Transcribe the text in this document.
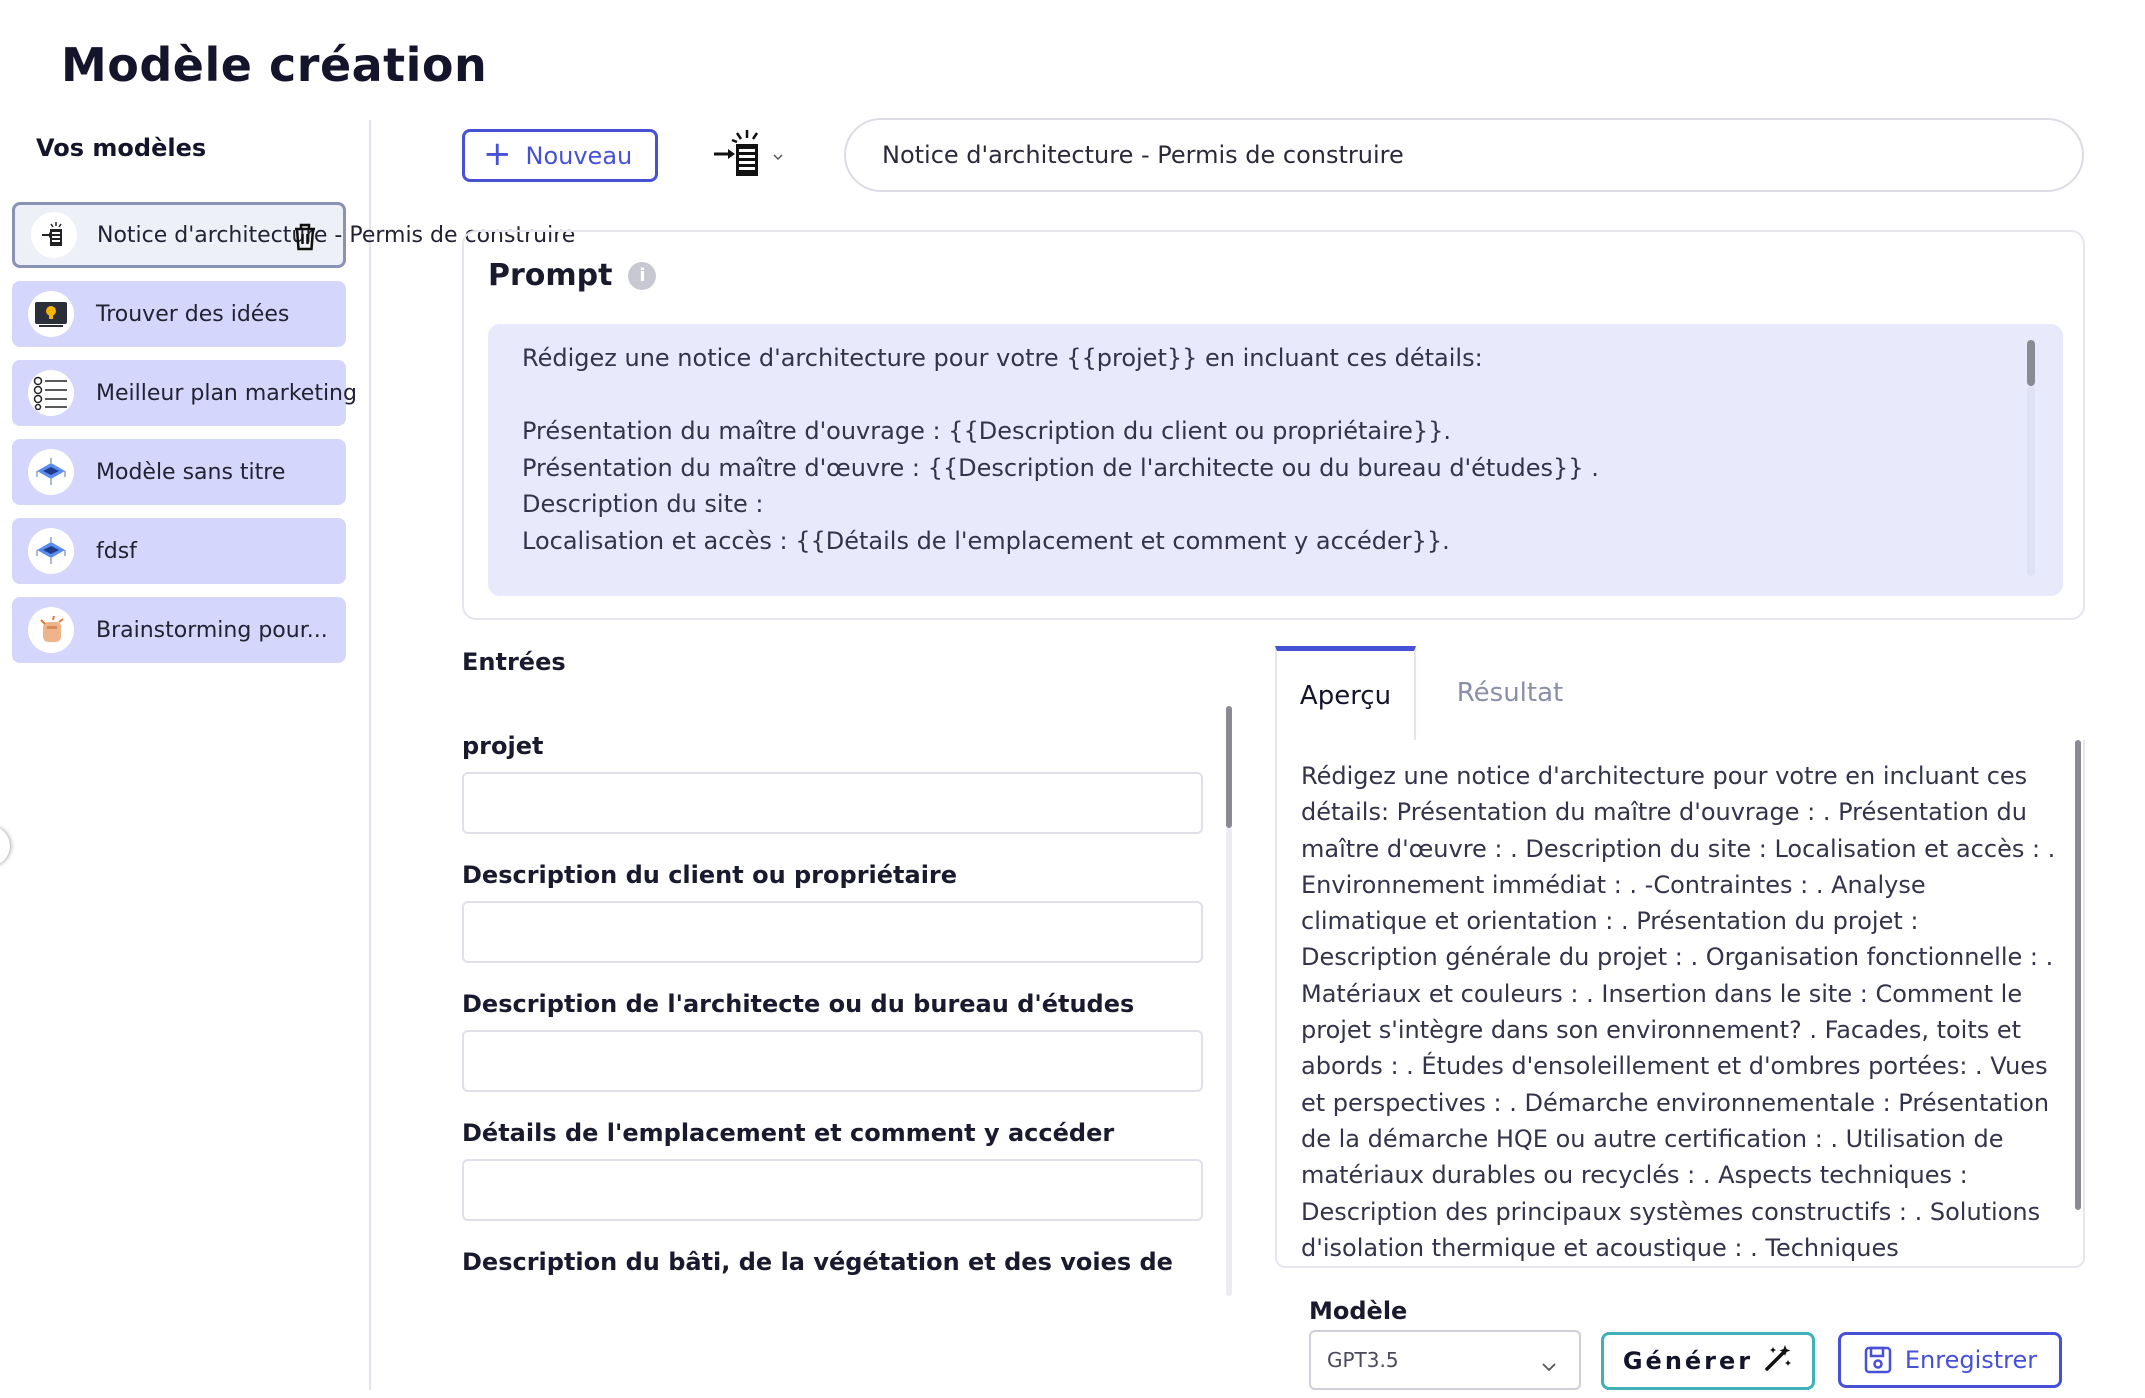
Modèle création
Vos modèles
Notice d'architecture - Permis de construire
Trouver des idées
Meilleur plan marketing
Modèle sans titre
fdsf
Brainstorming pour...
+ Nouveau
Notice d'architecture - Permis de construire
Prompt	i
Rédigez une notice d'architecture pour votre {{projet}} en incluant ces détails:
Présentation du maître d'ouvrage : {{Description du client ou propriétaire}}.
Présentation du maître d'œuvre : {{Description de l'architecte ou du bureau d'études}} .
Description du site :
Localisation et accès : {{Détails de l'emplacement et comment y accéder}}.
Entrées
projet
Description du client ou propriétaire
Description de l'architecte ou du bureau d'études
Détails de l'emplacement et comment y accéder
Description du bâti, de la végétation et des voies de
Aperçu	Résultat
Rédigez une notice d'architecture pour votre en incluant ces
détails: Présentation du maître d'ouvrage : . Présentation du
maître d'œuvre : . Description du site : Localisation et accès : .
Environnement immédiat : . -Contraintes : . Analyse
climatique et orientation : . Présentation du projet :
Description générale du projet : . Organisation fonctionnelle : .
Matériaux et couleurs : . Insertion dans le site : Comment le
projet s'intègre dans son environnement? . Facades, toits et
abords : . Études d'ensoleillement et d'ombres portées: . Vues
et perspectives : . Démarche environnementale : Présentation
de la démarche HQE ou autre certification : . Utilisation de
matériaux durables ou recyclés : . Aspects techniques :
Description des principaux systèmes constructifs : . Solutions
d'isolation thermique et acoustique : . Techniques
Modèle
GPT3.5	Générer	Enregistrer
